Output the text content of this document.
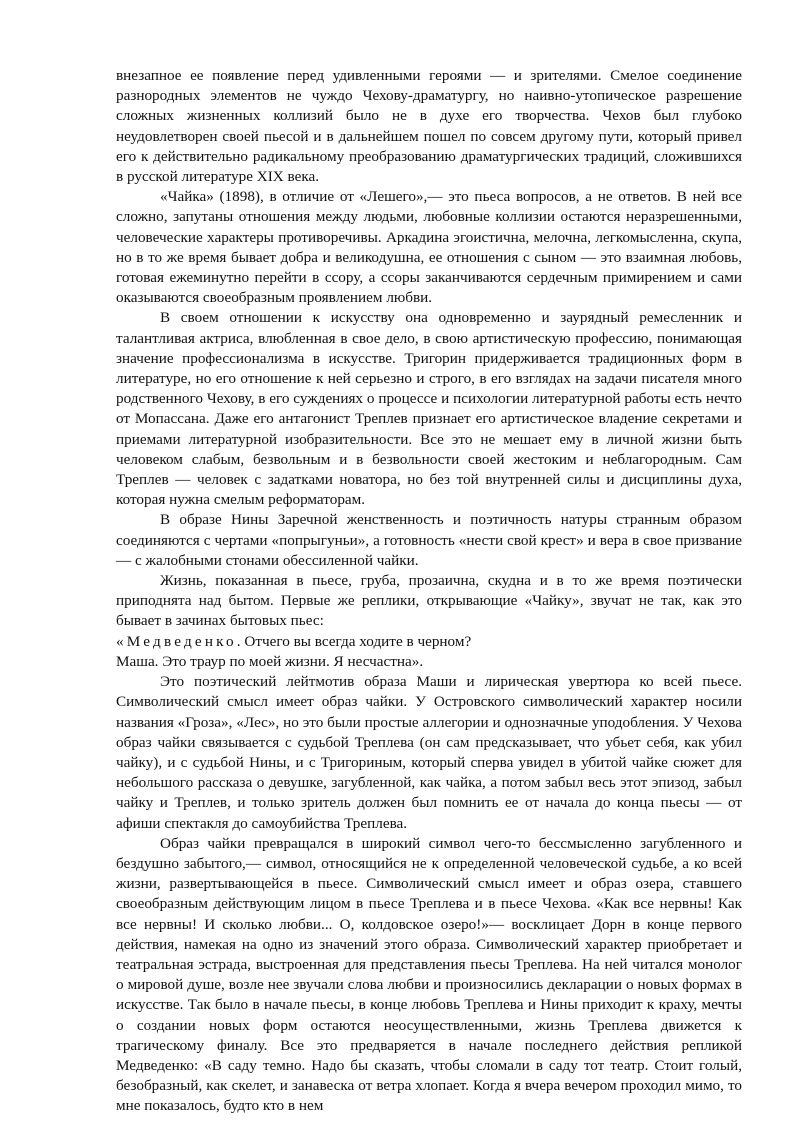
внезапное ее появление перед удивленными героями — и зрителями. Смелое соединение разнородных элементов не чуждо Чехову-драматургу, но наивно-утопическое разрешение сложных жизненных коллизий было не в духе его творчества. Чехов был глубоко неудовлетворен своей пьесой и в дальнейшем пошел по совсем другому пути, который привел его к действительно радикальному преобразованию драматургических традиций, сложившихся в русской литературе XIX века.

«Чайка» (1898), в отличие от «Лешего»,— это пьеса вопросов, а не ответов. В ней все сложно, запутаны отношения между людьми, любовные коллизии остаются неразрешенными, человеческие характеры противоречивы. Аркадина эгоистична, мелочна, легкомысленна, скупа, но в то же время бывает добра и великодушна, ее отношения с сыном — это взаимная любовь, готовая ежеминутно перейти в ссору, а ссоры заканчиваются сердечным примирением и сами оказываются своеобразным проявлением любви.

В своем отношении к искусству она одновременно и заурядный ремесленник и талантливая актриса, влюбленная в свое дело, в свою артистическую профессию, понимающая значение профессионализма в искусстве. Тригорин придерживается традиционных форм в литературе, но его отношение к ней серьезно и строго, в его взглядах на задачи писателя много родственного Чехову, в его суждениях о процессе и психологии литературной работы есть нечто от Мопассана. Даже его антагонист Треплев признает его артистическое владение секретами и приемами литературной изобразительности. Все это не мешает ему в личной жизни быть человеком слабым, безвольным и в безвольности своей жестоким и неблагородным. Сам Треплев — человек с задатками новатора, но без той внутренней силы и дисциплины духа, которая нужна смелым реформаторам.

В образе Нины Заречной женственность и поэтичность натуры странным образом соединяются с чертами «попрыгуньи», а готовность «нести свой крест» и вера в свое призвание — с жалобными стонами обессиленной чайки.

Жизнь, показанная в пьесе, груба, прозаична, скудна и в то же время поэтически приподнята над бытом. Первые же реплики, открывающие «Чайку», звучат не так, как это бывает в зачинах бытовых пьес:

«Медведенко. Отчего вы всегда ходите в черном?

Маша. Это траур по моей жизни. Я несчастна».

Это поэтический лейтмотив образа Маши и лирическая увертюра ко всей пьесе. Символический смысл имеет образ чайки. У Островского символический характер носили названия «Гроза», «Лес», но это были простые аллегории и однозначные уподобления. У Чехова образ чайки связывается с судьбой Треплева (он сам предсказывает, что убьет себя, как убил чайку), и с судьбой Нины, и с Тригориным, который сперва увидел в убитой чайке сюжет для небольшого рассказа о девушке, загубленной, как чайка, а потом забыл весь этот эпизод, забыл чайку и Треплев, и только зритель должен был помнить ее от начала до конца пьесы — от афиши спектакля до самоубийства Треплева.

Образ чайки превращался в широкий символ чего-то бессмысленно загубленного и бездушно забытого,— символ, относящийся не к определенной человеческой судьбе, а ко всей жизни, развертывающейся в пьесе. Символический смысл имеет и образ озера, ставшего своеобразным действующим лицом в пьесе Треплева и в пьесе Чехова. «Как все нервны! Как все нервны! И сколько любви... О, колдовское озеро!»— восклицает Дорн в конце первого действия, намекая на одно из значений этого образа. Символический характер приобретает и театральная эстрада, выстроенная для представления пьесы Треплева. На ней читался монолог о мировой душе, возле нее звучали слова любви и произносились декларации о новых формах в искусстве. Так было в начале пьесы, в конце любовь Треплева и Нины приходит к краху, мечты о создании новых форм остаются неосуществленными, жизнь Треплева движется к трагическому финалу. Все это предваряется в начале последнего действия репликой Медведенко: «В саду темно. Надо бы сказать, чтобы сломали в саду тот театр. Стоит голый, безобразный, как скелет, и занавеска от ветра хлопает. Когда я вчера вечером проходил мимо, то мне показалось, будто кто в нем
